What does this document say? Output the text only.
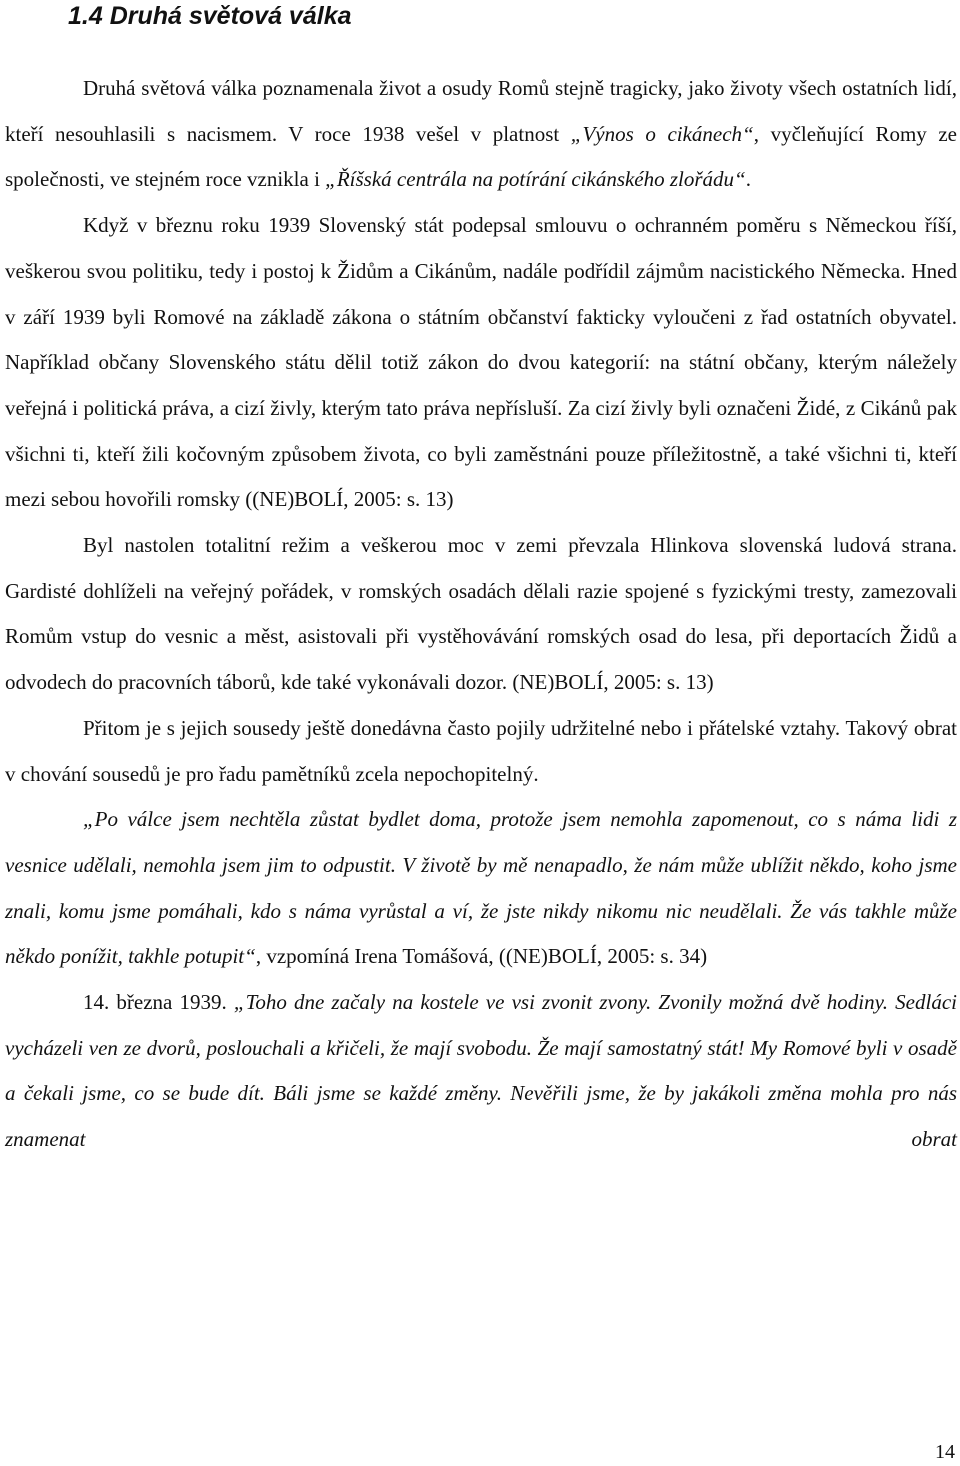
1.4 Druhá světová válka

Druhá světová válka poznamenala život a osudy Romů stejně tragicky, jako životy všech ostatních lidí, kteří nesouhlasili s nacismem. V roce 1938 vešel v platnost „Výnos o cikánech“, vyčleňující Romy ze společnosti, ve stejném roce vznikla i „Říšská centrála na potírání cikánského zlořádu“.

Když v březnu roku 1939 Slovenský stát podepsal smlouvu o ochranném poměru s Německou říší, veškerou svou politiku, tedy i postoj k Židům a Cikánům, nadále podřídil zájmům nacistického Německa. Hned v září 1939 byli Romové na základě zákona o státním občanství fakticky vyloučeni z řad ostatních obyvatel. Například občany Slovenského státu dělil totiž zákon do dvou kategorií: na státní občany, kterým náležely veřejná i politická práva, a cizí živly, kterým tato práva nepřísluší. Za cizí živly byli označeni Židé, z Cikánů pak všichni ti, kteří žili kočovným způsobem života, co byli zaměstnáni pouze příležitostně, a také všichni ti, kteří mezi sebou hovořili romsky ((NE)BOLÍ, 2005: s. 13)

Byl nastolen totalitní režim a veškerou moc v zemi převzala Hlinkova slovenská ludová strana. Gardisté dohlíželi na veřejný pořádek, v romských osadách dělali razie spojené s fyzickými tresty, zamezovali Romům vstup do vesnic a měst, asistovali při vystěhovávání romských osad do lesa, při deportacích Židů a odvodech do pracovních táborů, kde také vykonávali dozor. (NE)BOLÍ, 2005: s. 13)

Přitom je s jejich sousedy ještě donedávna často pojily udržitelné nebo i přátelské vztahy. Takový obrat v chování sousedů je pro řadu pamětníků zcela nepochopitelný.

„Po válce jsem nechtěla zůstat bydlet doma, protože jsem nemohla zapomenout, co s náma lidi z vesnice udělali, nemohla jsem jim to odpustit. V životě by mě nenapadlo, že nám může ublížit někdo, koho jsme znali, komu jsme pomáhali, kdo s náma vyrůstal a ví, že jste nikdy nikomu nic neudělali. Že vás takhle může někdo ponížit, takhle potupit“, vzpomíná Irena Tomášová, ((NE)BOLÍ, 2005: s. 34)

14. března 1939. „Toho dne začaly na kostele ve vsi zvonit zvony. Zvonily možná dvě hodiny. Sedláci vycházeli ven ze dvorů, poslouchali a křičeli, že mají svobodu. Že mají samostatný stát! My Romové byli v osadě a čekali jsme, co se bude dít. Báli jsme se každé změny. Nevěřili jsme, že by jakákoli změna mohla pro nás znamenat obrat

14
